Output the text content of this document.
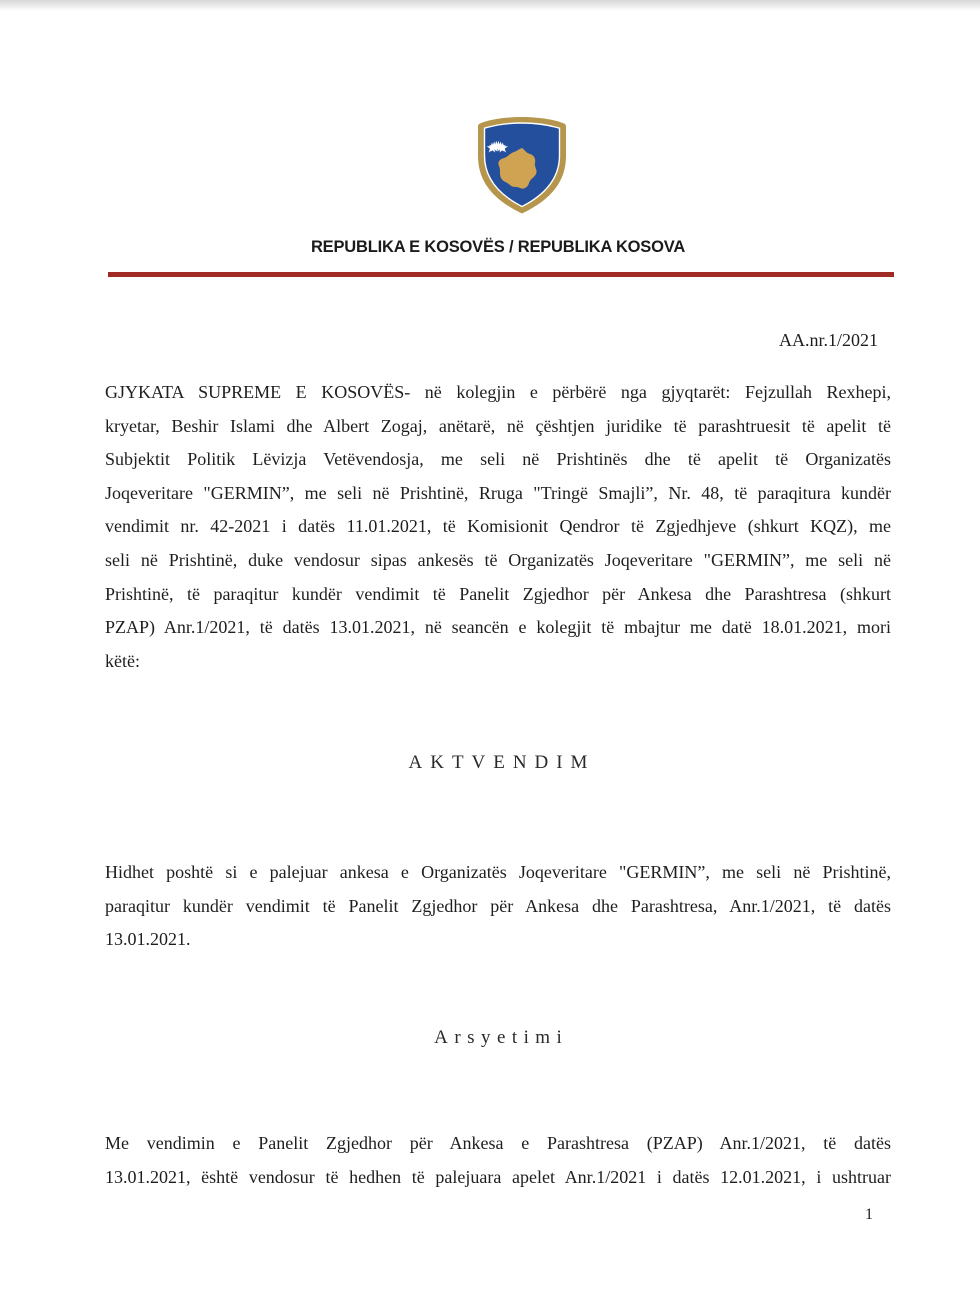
REPUBLIKA E KOSOVËS / REPUBLIKA KOSOVA
AA.nr.1/2021
GJYKATA SUPREME E KOSOVËS- në kolegjin e përbërë nga gjyqtarët: Fejzullah Rexhepi,
kryetar, Beshir Islami dhe Albert Zogaj, anëtarë, në çështjen juridike të parashtruesit të apelit të
Subjektit Politik Lëvizja Vetëvendosja, me seli në Prishtinës dhe të apelit të Organizatës
Joqeveritare "GERMIN”, me seli në Prishtinë, Rruga "Tringë Smajli”, Nr. 48, të paraqitura kundër
vendimit nr. 42-2021 i datës 11.01.2021, të Komisionit Qendror të Zgjedhjeve (shkurt KQZ), me
seli në Prishtinë, duke vendosur sipas ankesës të Organizatës Joqeveritare "GERMIN”, me seli në
Prishtinë, të paraqitur kundër vendimit të Panelit Zgjedhor për Ankesa dhe Parashtresa (shkurt
PZAP) Anr.1/2021, të datës 13.01.2021, në seancën e kolegjit të mbajtur me datë 18.01.2021, mori
këtë:
AKTVENDIM
Hidhet poshtë si e palejuar ankesa e Organizatës Joqeveritare "GERMIN”, me seli në Prishtinë,
paraqitur kundër vendimit të Panelit Zgjedhor për Ankesa dhe Parashtresa, Anr.1/2021, të datës
13.01.2021.
Arsyetimi
Me vendimin e Panelit Zgjedhor për Ankesa e Parashtresa (PZAP) Anr.1/2021, të datës
13.01.2021, është vendosur të hedhen të palejuara apelet Anr.1/2021 i datës 12.01.2021, i ushtruar
1
